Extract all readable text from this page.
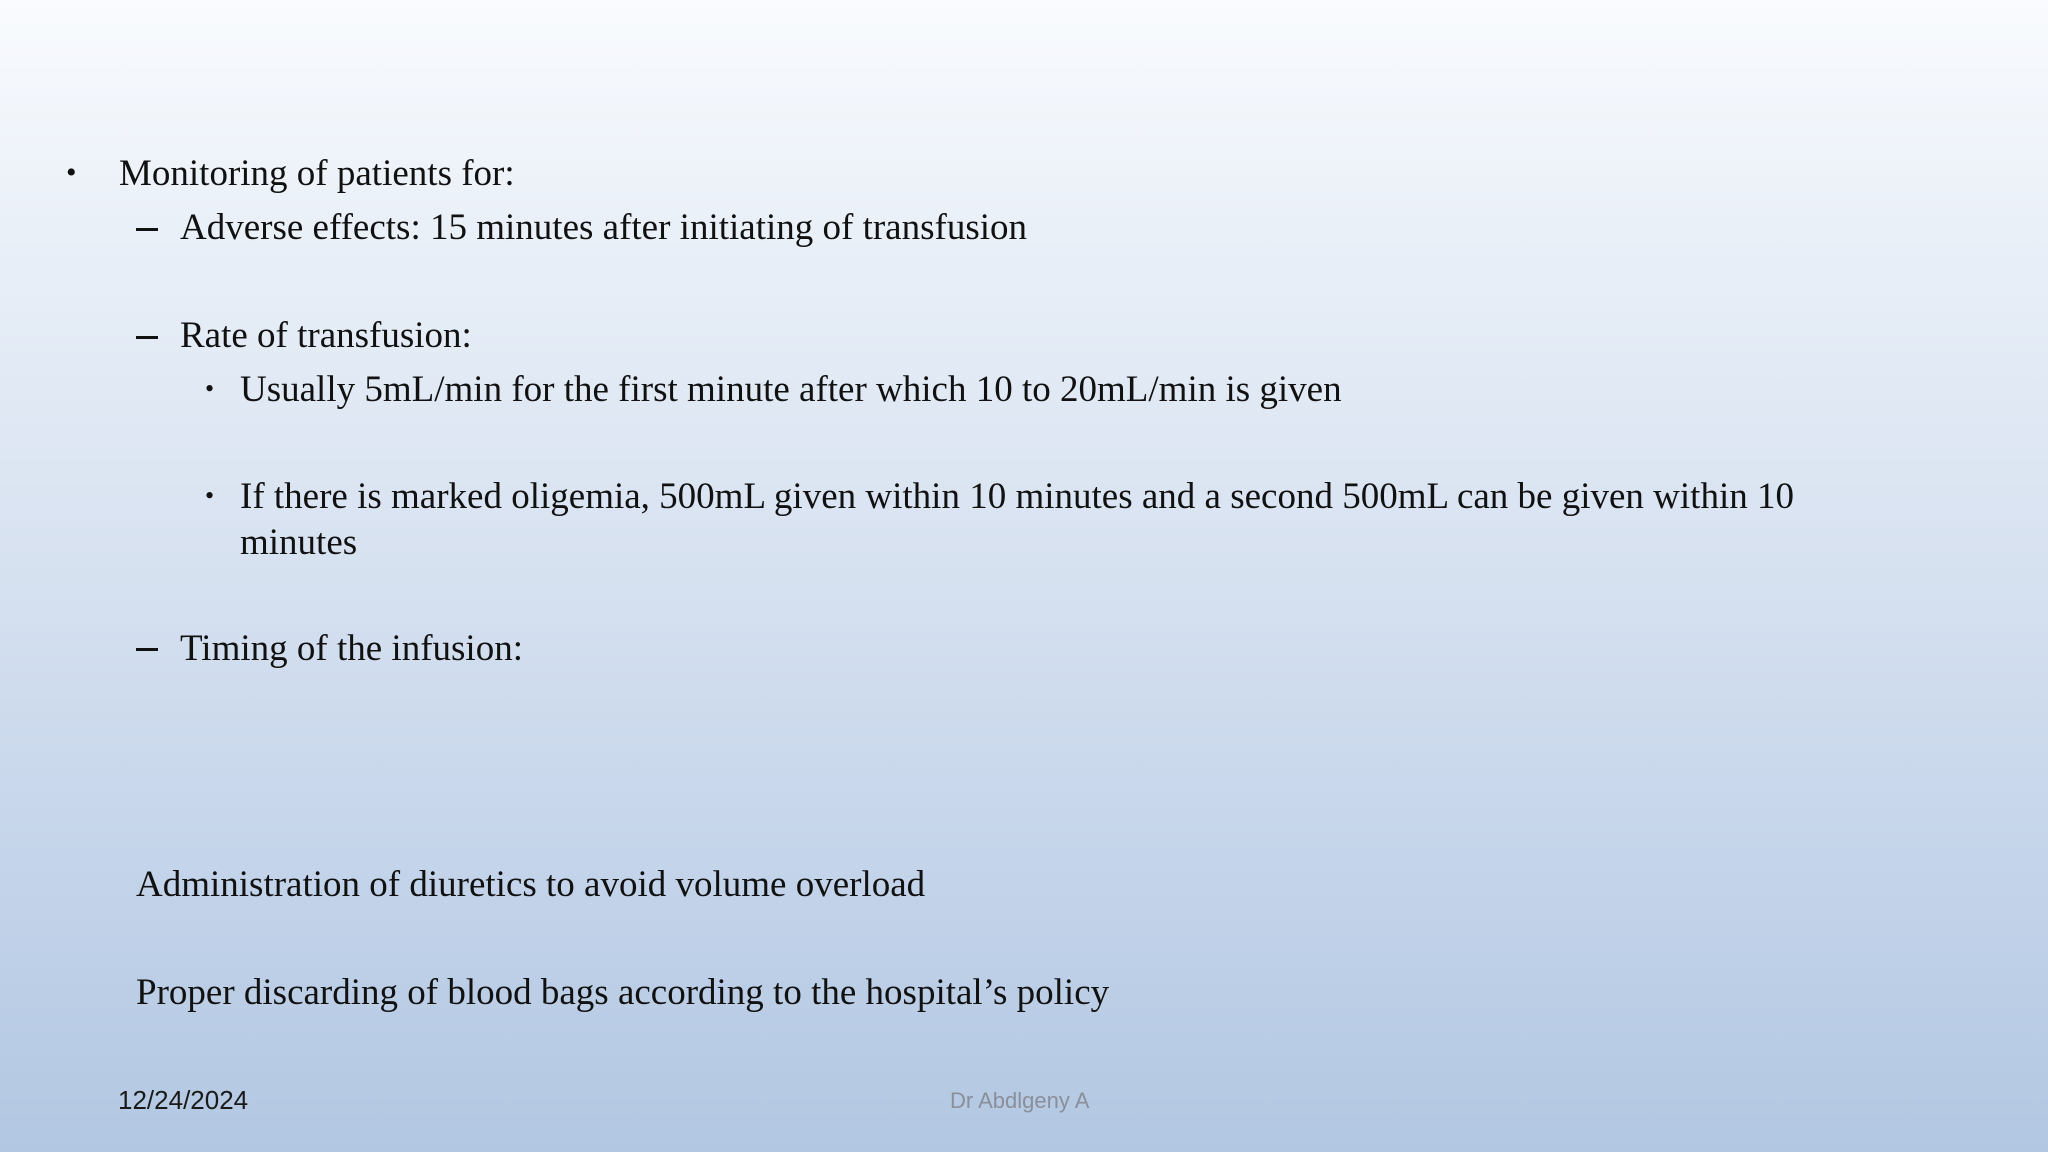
• Monitoring of patients for:
Adverse effects: 15 minutes after initiating of transfusion
Rate of transfusion:
• Usually 5mL/min for the first minute after which 10 to 20mL/min is given
• If there is marked oligemia, 500mL given within 10 minutes and a second 500mL can be given within 10
minutes
Timing of the infusion:
Administration of diuretics to avoid volume overload
Proper discarding of blood bags according to the hospital’s policy
12/24/2024	Dr Abdlgeny A
